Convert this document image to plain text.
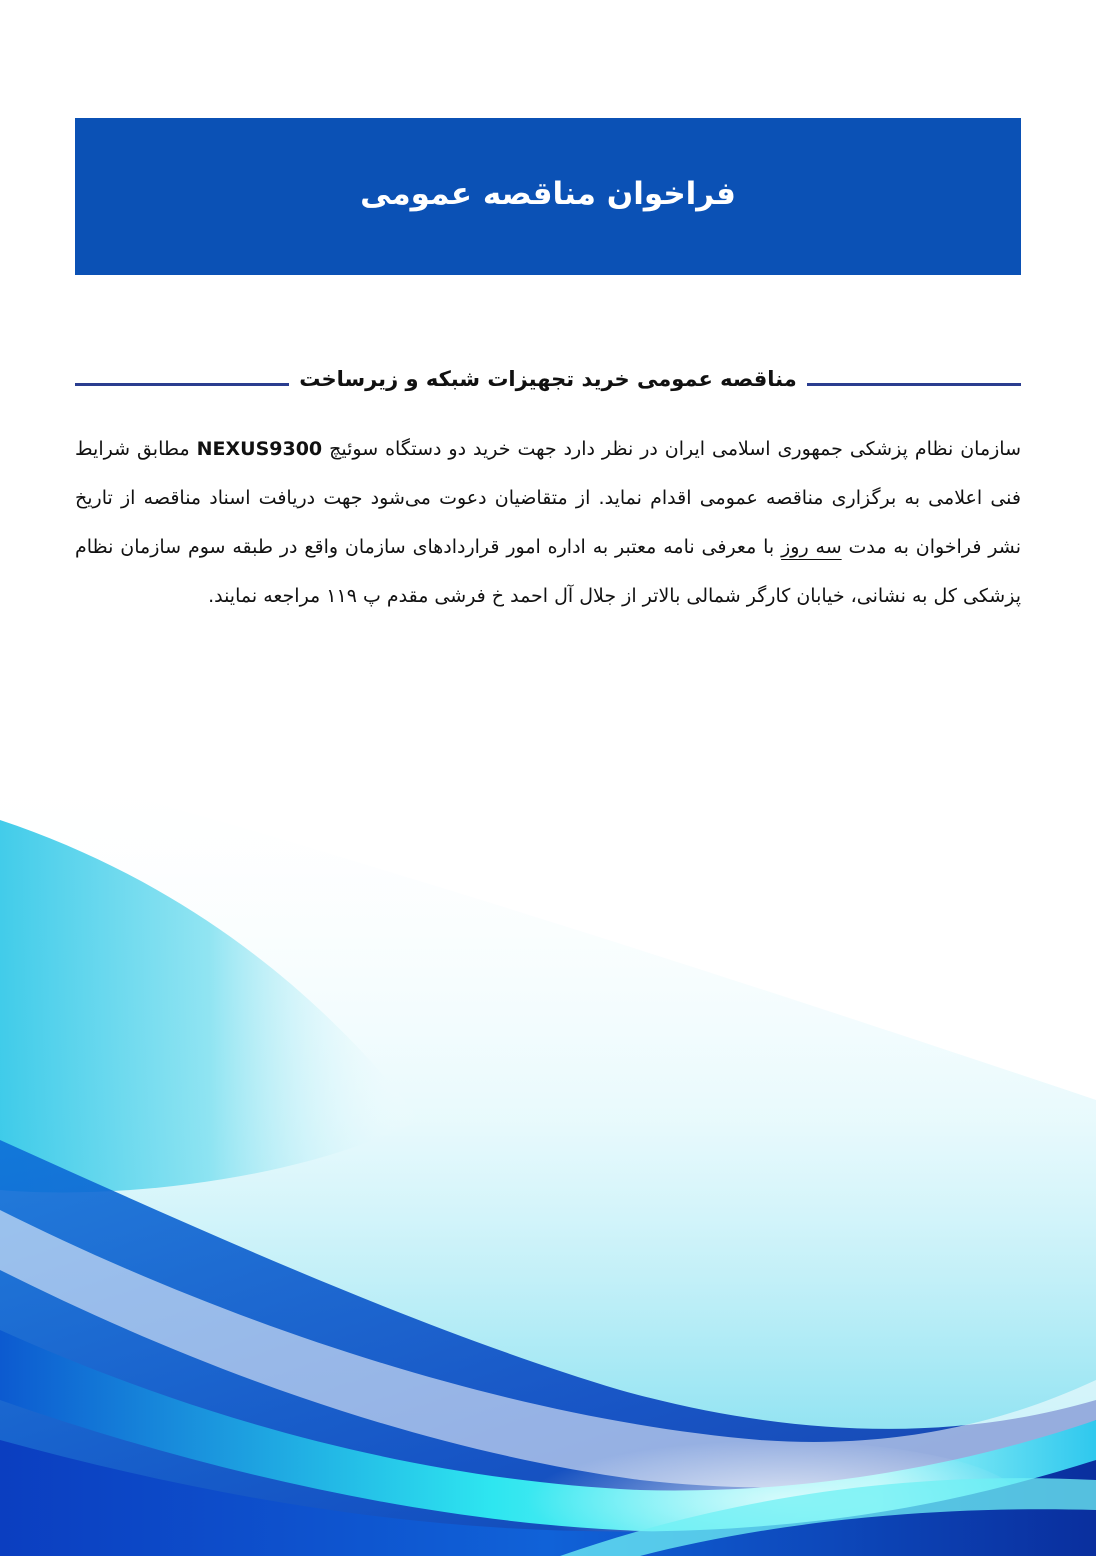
فراخوان مناقصه عمومی
مناقصه عمومی خرید تجهیزات شبکه و زیرساخت

سازمان نظام پزشکی جمهوری اسلامی ایران در نظر دارد جهت خرید دو دستگاه سوئیچ NEXUS9300 مطابق شرایط فنی اعلامی به برگزاری مناقصه عمومی اقدام نماید. از متقاضیان دعوت می‌شود جهت دریافت اسناد مناقصه از تاریخ نشر فراخوان به مدت سه روز با معرفی نامه معتبر به اداره امور قراردادهای سازمان واقع در طبقه سوم سازمان نظام پزشکی کل به نشانی، خیابان کارگر شمالی بالاتر از جلال آل احمد خ فرشی مقدم پ ۱۱۹ مراجعه نمایند.
